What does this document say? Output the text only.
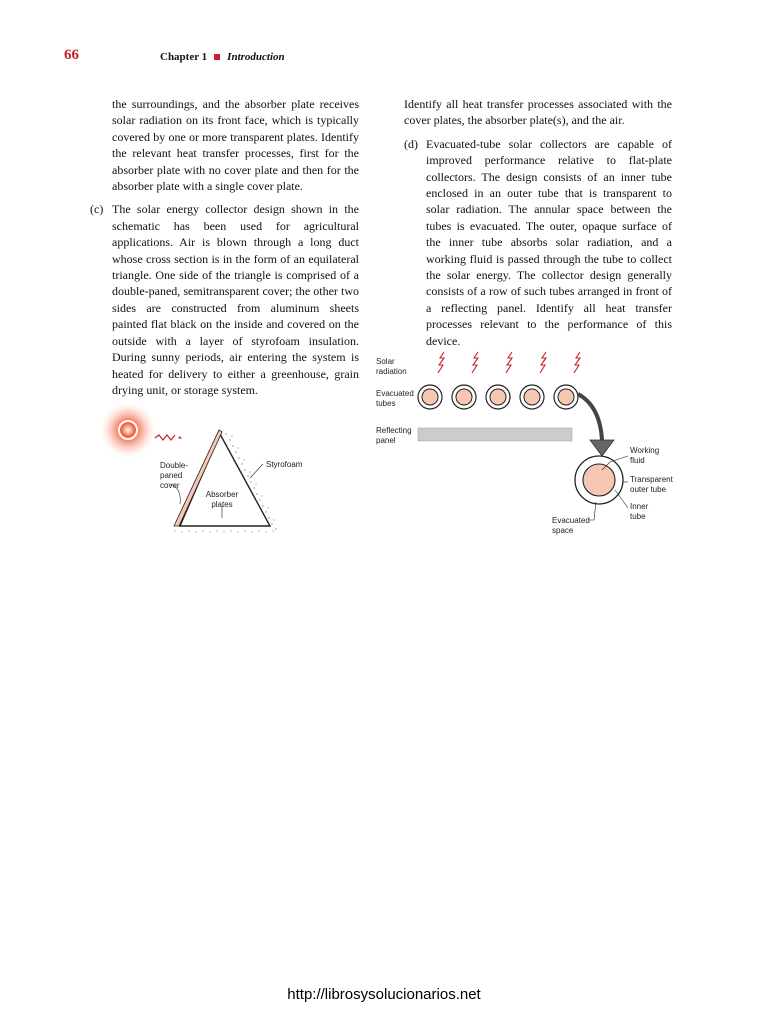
66	Chapter 1 Introduction

the surroundings, and the absorber plate receives solar radiation on its front face, which is typically covered by one or more transparent plates. Identify the relevant heat transfer processes, first for the absorber plate with no cover plate and then for the absorber plate with a single cover plate.

(c) The solar energy collector design shown in the schematic has been used for agricultural applications. Air is blown through a long duct whose cross section is in the form of an equilateral triangle. One side of the triangle is comprised of a double-paned, semitransparent cover; the other two sides are constructed from aluminum sheets painted flat black on the inside and covered on the outside with a layer of styrofoam insulation. During sunny periods, air entering the system is heated for delivery to either a greenhouse, grain drying unit, or storage system.

Identify all heat transfer processes associated with the cover plates, the absorber plate(s), and the air.

(d) Evacuated-tube solar collectors are capable of improved performance relative to flat-plate collectors. The design consists of an inner tube enclosed in an outer tube that is transparent to solar radiation. The annular space between the tubes is evacuated. The outer, opaque surface of the inner tube absorbs solar radiation, and a working fluid is passed through the tube to collect the solar energy. The collector design generally consists of a row of such tubes arranged in front of a reflecting panel. Identify all heat transfer processes relevant to the performance of this device.

Double-
paned
cover
Styrofoam
Absorber
plates
Solar
radiation
Evacuated
tubes
Reflecting
panel
Working
fluid
Transparent
outer tube
Inner
tube
Evacuated
space
http://librosysolucionarios.net
